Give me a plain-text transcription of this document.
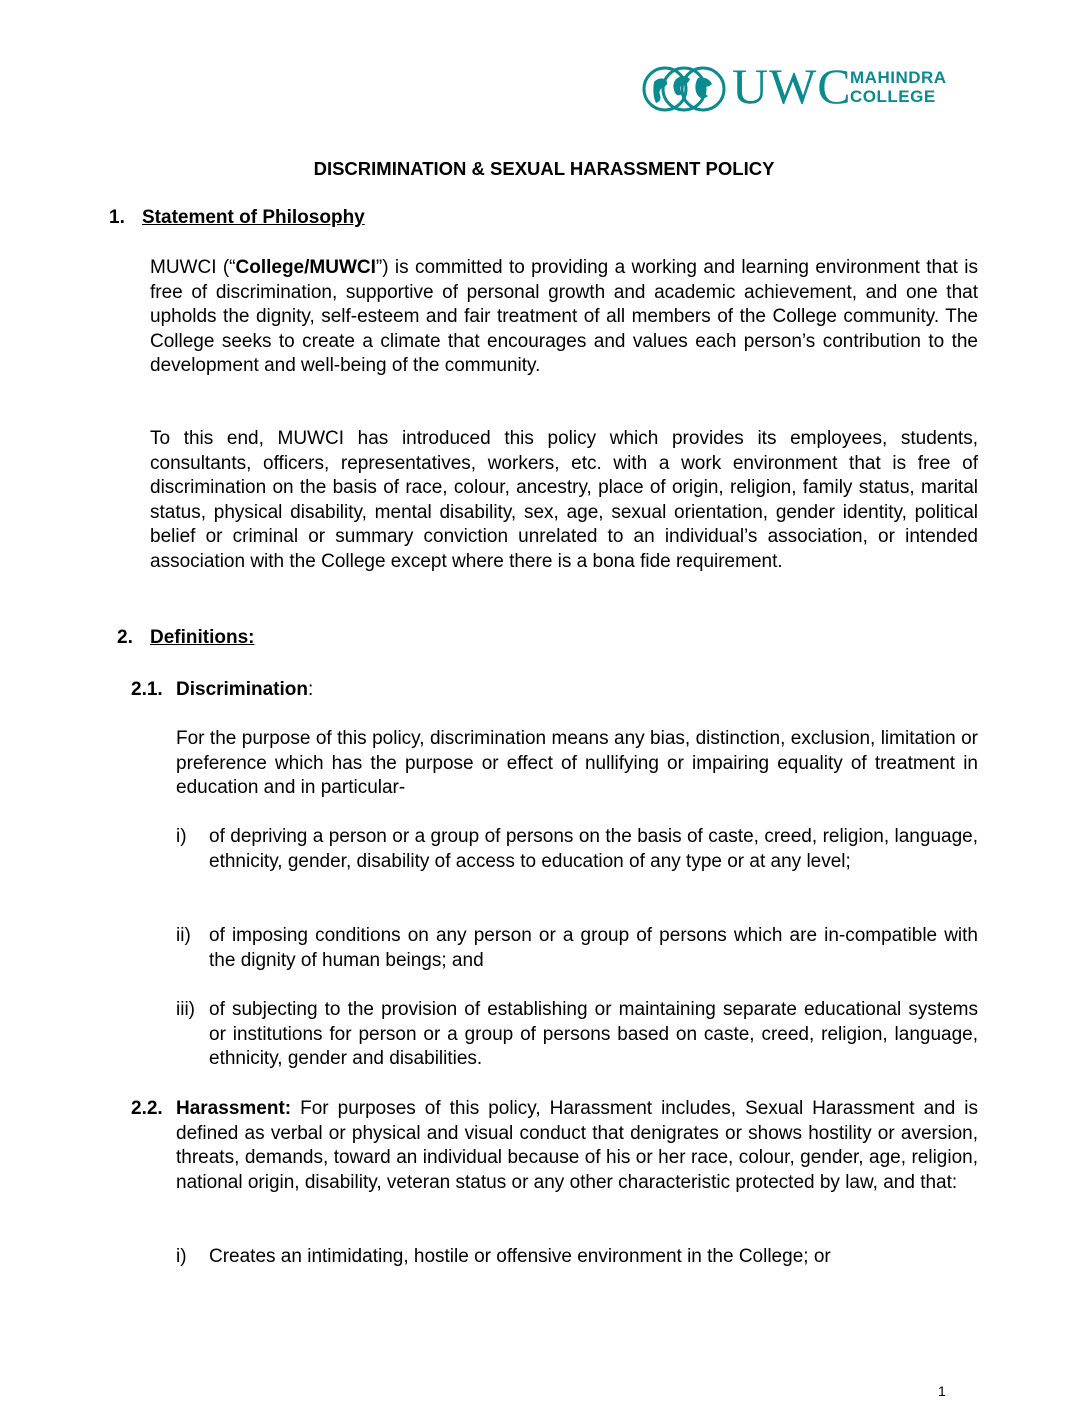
UWC
MAHINDRA
COLLEGE
DISCRIMINATION & SEXUAL HARASSMENT POLICY
1. Statement of Philosophy
MUWCI (“College/MUWCI”) is committed to providing a working and learning environment that is free of discrimination, supportive of personal growth and academic achievement, and one that upholds the dignity, self-esteem and fair treatment of all members of the College community. The College seeks to create a climate that encourages and values each person’s contribution to the development and well-being of the community.
To this end, MUWCI has introduced this policy which provides its employees, students, consultants, officers, representatives, workers, etc. with a work environment that is free of discrimination on the basis of race, colour, ancestry, place of origin, religion, family status, marital status, physical disability, mental disability, sex, age, sexual orientation, gender identity, political belief or criminal or summary conviction unrelated to an individual’s association, or intended association with the College except where there is a bona fide requirement.
2. Definitions:
2.1. Discrimination:
For the purpose of this policy, discrimination means any bias, distinction, exclusion, limitation or preference which has the purpose or effect of nullifying or impairing equality of treatment in education and in particular-
i) of depriving a person or a group of persons on the basis of caste, creed, religion, language, ethnicity, gender, disability of access to education of any type or at any level;
ii) of imposing conditions on any person or a group of persons which are in-compatible with the dignity of human beings; and
iii) of subjecting to the provision of establishing or maintaining separate educational systems or institutions for person or a group of persons based on caste, creed, religion, language, ethnicity, gender and disabilities.
2.2. Harassment: For purposes of this policy, Harassment includes, Sexual Harassment and is defined as verbal or physical and visual conduct that denigrates or shows hostility or aversion, threats, demands, toward an individual because of his or her race, colour, gender, age, religion, national origin, disability, veteran status or any other characteristic protected by law, and that:
i) Creates an intimidating, hostile or offensive environment in the College; or
1
